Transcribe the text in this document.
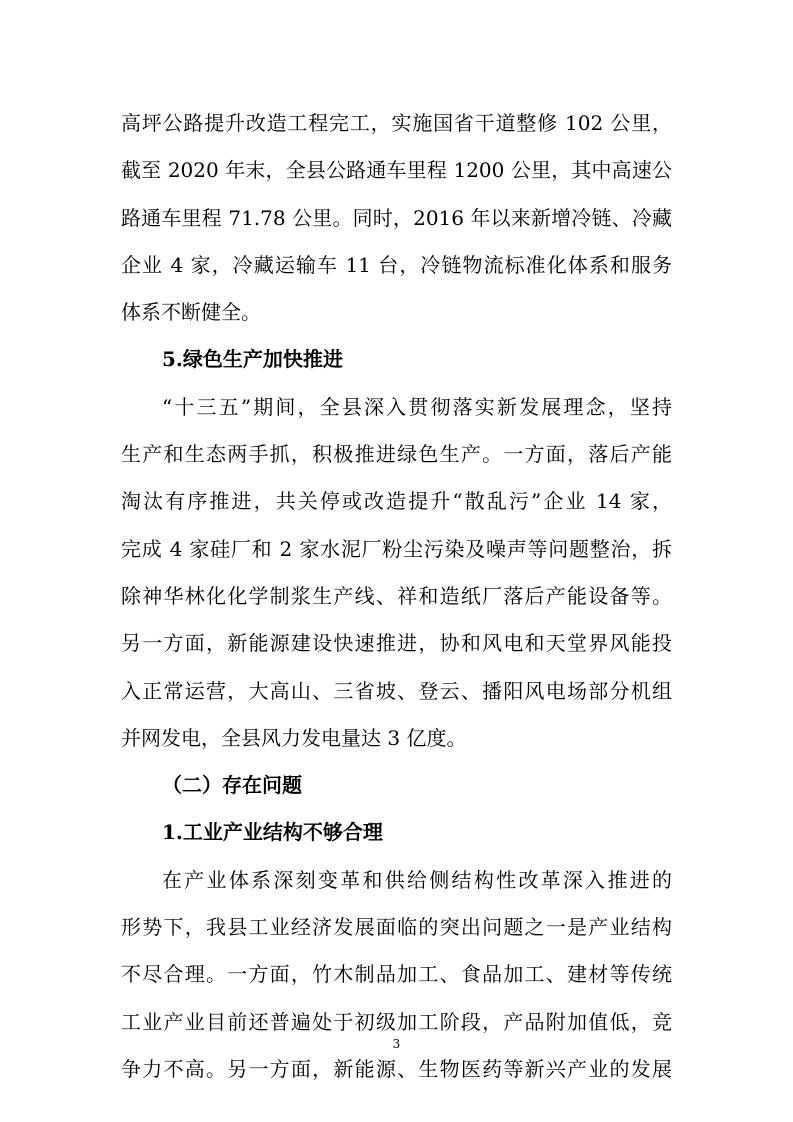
高坪公路提升改造工程完工，实施国省干道整修 102 公里，
截至 2020 年末，全县公路通车里程 1200 公里，其中高速公
路通车里程 71.78 公里。同时，2016 年以来新增冷链、冷藏
企业 4 家，冷藏运输车 11 台，冷链物流标准化体系和服务
体系不断健全。
5.绿色生产加快推进
“十三五”期间，全县深入贯彻落实新发展理念，坚持
生产和生态两手抓，积极推进绿色生产。一方面，落后产能
淘汰有序推进，共关停或改造提升“散乱污”企业 14 家，
完成 4 家硅厂和 2 家水泥厂粉尘污染及噪声等问题整治，拆
除神华林化化学制浆生产线、祥和造纸厂落后产能设备等。
另一方面，新能源建设快速推进，协和风电和天堂界风能投
入正常运营，大高山、三省坡、登云、播阳风电场部分机组
并网发电，全县风力发电量达 3 亿度。
（二）存在问题
1.工业产业结构不够合理
在产业体系深刻变革和供给侧结构性改革深入推进的
形势下，我县工业经济发展面临的突出问题之一是产业结构
不尽合理。一方面，竹木制品加工、食品加工、建材等传统
工业产业目前还普遍处于初级加工阶段，产品附加值低，竞
争力不高。另一方面，新能源、生物医药等新兴产业的发展
3
